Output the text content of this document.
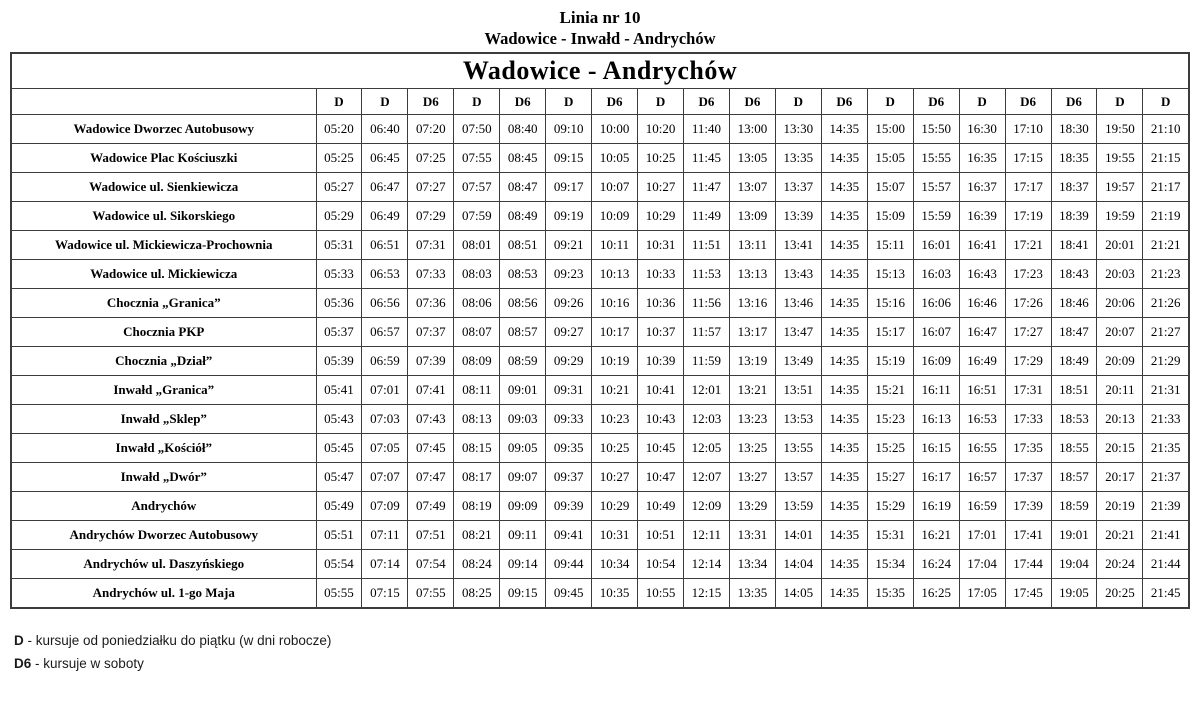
Linia nr 10
Wadowice - Inwałd - Andrychów
Wadowice - Andrychów																			
	D	D	D6	D	D6	D	D6	D	D6	D6	D	D6	D	D6	D	D6	D6	D	D
Wadowice Dworzec Autobusowy	05:20	06:40	07:20	07:50	08:40	09:10	10:00	10:20	11:40	13:00	13:30	14:35	15:00	15:50	16:30	17:10	18:30	19:50	21:10
Wadowice Plac Kościuszki	05:25	06:45	07:25	07:55	08:45	09:15	10:05	10:25	11:45	13:05	13:35	14:35	15:05	15:55	16:35	17:15	18:35	19:55	21:15
Wadowice ul. Sienkiewicza	05:27	06:47	07:27	07:57	08:47	09:17	10:07	10:27	11:47	13:07	13:37	14:35	15:07	15:57	16:37	17:17	18:37	19:57	21:17
Wadowice ul. Sikorskiego	05:29	06:49	07:29	07:59	08:49	09:19	10:09	10:29	11:49	13:09	13:39	14:35	15:09	15:59	16:39	17:19	18:39	19:59	21:19
Wadowice ul. Mickiewicza-Prochownia	05:31	06:51	07:31	08:01	08:51	09:21	10:11	10:31	11:51	13:11	13:41	14:35	15:11	16:01	16:41	17:21	18:41	20:01	21:21
Wadowice ul. Mickiewicza	05:33	06:53	07:33	08:03	08:53	09:23	10:13	10:33	11:53	13:13	13:43	14:35	15:13	16:03	16:43	17:23	18:43	20:03	21:23
Chocznia „Granica”	05:36	06:56	07:36	08:06	08:56	09:26	10:16	10:36	11:56	13:16	13:46	14:35	15:16	16:06	16:46	17:26	18:46	20:06	21:26
Chocznia PKP	05:37	06:57	07:37	08:07	08:57	09:27	10:17	10:37	11:57	13:17	13:47	14:35	15:17	16:07	16:47	17:27	18:47	20:07	21:27
Chocznia „Dział”	05:39	06:59	07:39	08:09	08:59	09:29	10:19	10:39	11:59	13:19	13:49	14:35	15:19	16:09	16:49	17:29	18:49	20:09	21:29
Inwałd „Granica”	05:41	07:01	07:41	08:11	09:01	09:31	10:21	10:41	12:01	13:21	13:51	14:35	15:21	16:11	16:51	17:31	18:51	20:11	21:31
Inwałd „Sklep”	05:43	07:03	07:43	08:13	09:03	09:33	10:23	10:43	12:03	13:23	13:53	14:35	15:23	16:13	16:53	17:33	18:53	20:13	21:33
Inwałd „Kościół”	05:45	07:05	07:45	08:15	09:05	09:35	10:25	10:45	12:05	13:25	13:55	14:35	15:25	16:15	16:55	17:35	18:55	20:15	21:35
Inwałd „Dwór”	05:47	07:07	07:47	08:17	09:07	09:37	10:27	10:47	12:07	13:27	13:57	14:35	15:27	16:17	16:57	17:37	18:57	20:17	21:37
Andrychów	05:49	07:09	07:49	08:19	09:09	09:39	10:29	10:49	12:09	13:29	13:59	14:35	15:29	16:19	16:59	17:39	18:59	20:19	21:39
Andrychów Dworzec Autobusowy	05:51	07:11	07:51	08:21	09:11	09:41	10:31	10:51	12:11	13:31	14:01	14:35	15:31	16:21	17:01	17:41	19:01	20:21	21:41
Andrychów ul. Daszyńskiego	05:54	07:14	07:54	08:24	09:14	09:44	10:34	10:54	12:14	13:34	14:04	14:35	15:34	16:24	17:04	17:44	19:04	20:24	21:44
Andrychów ul. 1-go Maja	05:55	07:15	07:55	08:25	09:15	09:45	10:35	10:55	12:15	13:35	14:05	14:35	15:35	16:25	17:05	17:45	19:05	20:25	21:45
D - kursuje od poniedziałku do piątku (w dni robocze)
D6 - kursuje w soboty
